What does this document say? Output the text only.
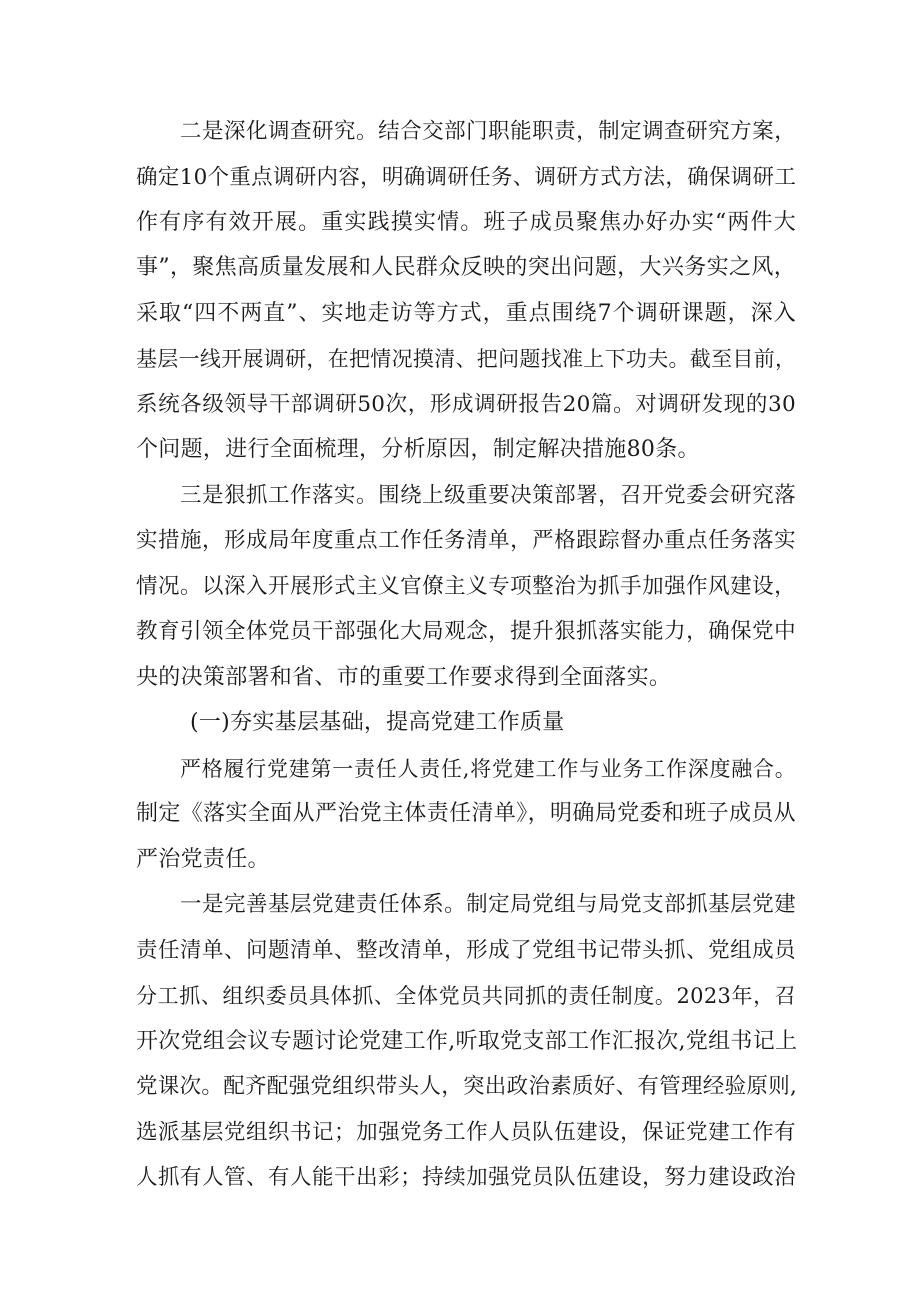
二是深化调查研究。结合交部门职能职责，制定调查研究方案，
确定10个重点调研内容，明确调研任务、调研方式方法，确保调研工
作有序有效开展。重实践摸实情。班子成员聚焦办好办实“两件大
事”，聚焦高质量发展和人民群众反映的突出问题，大兴务实之风，
采取“四不两直”、实地走访等方式，重点围绕7个调研课题，深入
基层一线开展调研，在把情况摸清、把问题找准上下功夫。截至目前，
系统各级领导干部调研50次，形成调研报告20篇。对调研发现的30
个问题，进行全面梳理，分析原因，制定解决措施80条。
三是狠抓工作落实。围绕上级重要决策部署，召开党委会研究落
实措施，形成局年度重点工作任务清单，严格跟踪督办重点任务落实
情况。以深入开展形式主义官僚主义专项整治为抓手加强作风建设，
教育引领全体党员干部强化大局观念，提升狠抓落实能力，确保党中
央的决策部署和省、市的重要工作要求得到全面落实。
(一)夯实基层基础，提高党建工作质量
严格履行党建第一责任人责任,将党建工作与业务工作深度融合。
制定《落实全面从严治党主体责任清单》，明确局党委和班子成员从
严治党责任。
一是完善基层党建责任体系。制定局党组与局党支部抓基层党建
责任清单、问题清单、整改清单，形成了党组书记带头抓、党组成员
分工抓、组织委员具体抓、全体党员共同抓的责任制度。2023年，召
开次党组会议专题讨论党建工作,听取党支部工作汇报次,党组书记上
党课次。配齐配强党组织带头人，突出政治素质好、有管理经验原则,
选派基层党组织书记；加强党务工作人员队伍建设，保证党建工作有
人抓有人管、有人能干出彩；持续加强党员队伍建设，努力建设政治
